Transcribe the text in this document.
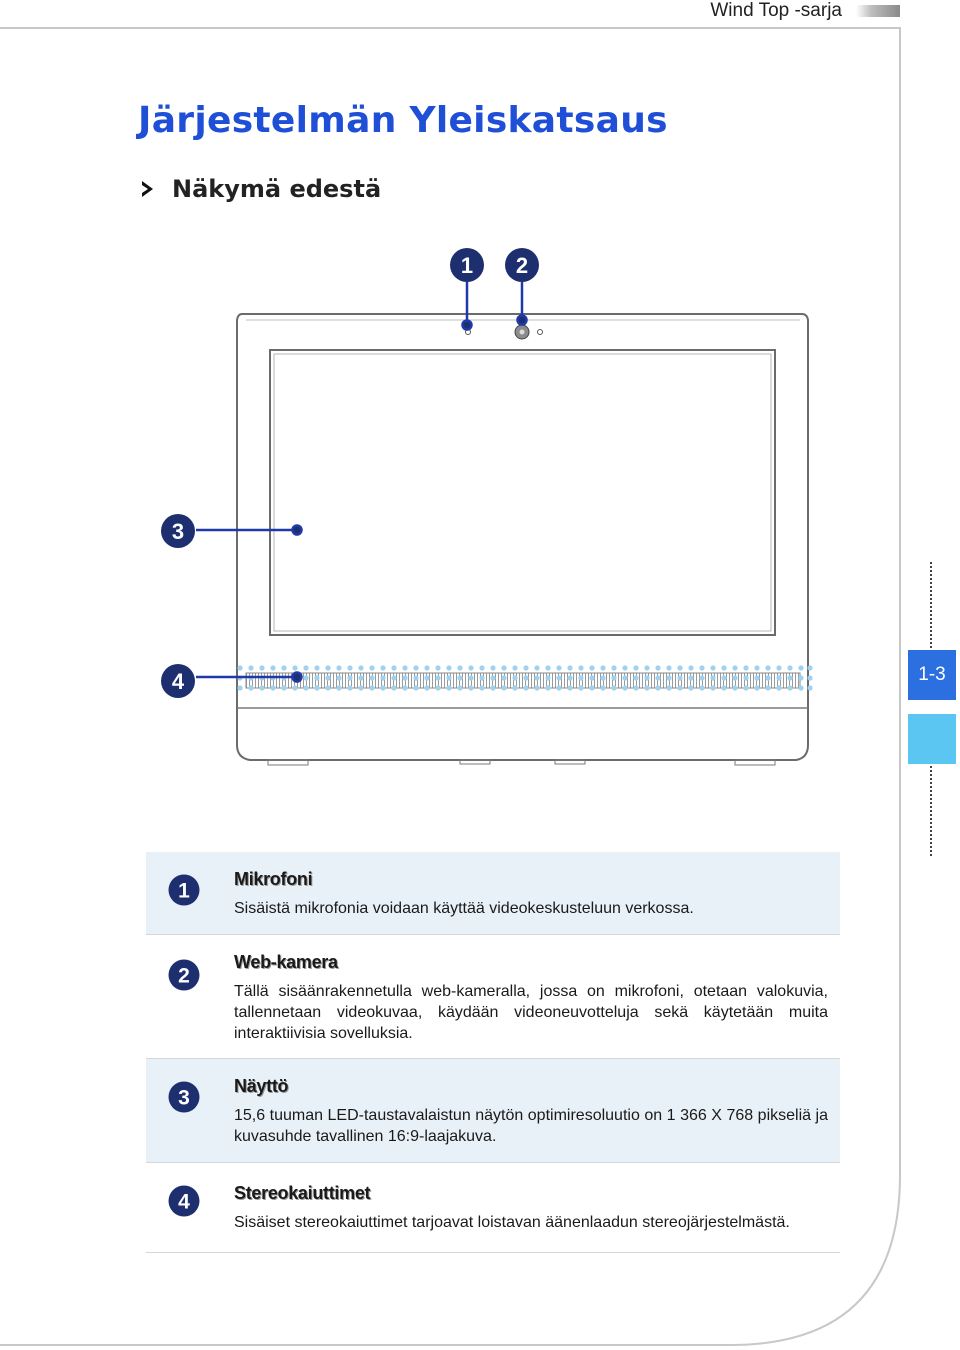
Wind Top -sarja
Järjestelmän Yleiskatsaus
Näkymä edestä
1 2
3
4	1-3
1
Mikrofoni
Sisäistä mikrofonia voidaan käyttää videokeskusteluun verkossa.
2
Web-kamera
Tällä sisäänrakennetulla web-kameralla, jossa on mikrofoni, otetaan valokuvia, tallennetaan videokuvaa, käydään videoneuvotteluja sekä käytetään muita interaktiivisia sovelluksia.
3
Näyttö
15,6 tuuman LED-taustavalaistun näytön optimiresoluutio on 1 366 X 768 pikseliä ja kuvasuhde tavallinen 16:9-laajakuva.
4 Stereokaiuttimet
Sisäiset stereokaiuttimet tarjoavat loistavan äänenlaadun stereojärjestelmästä.
